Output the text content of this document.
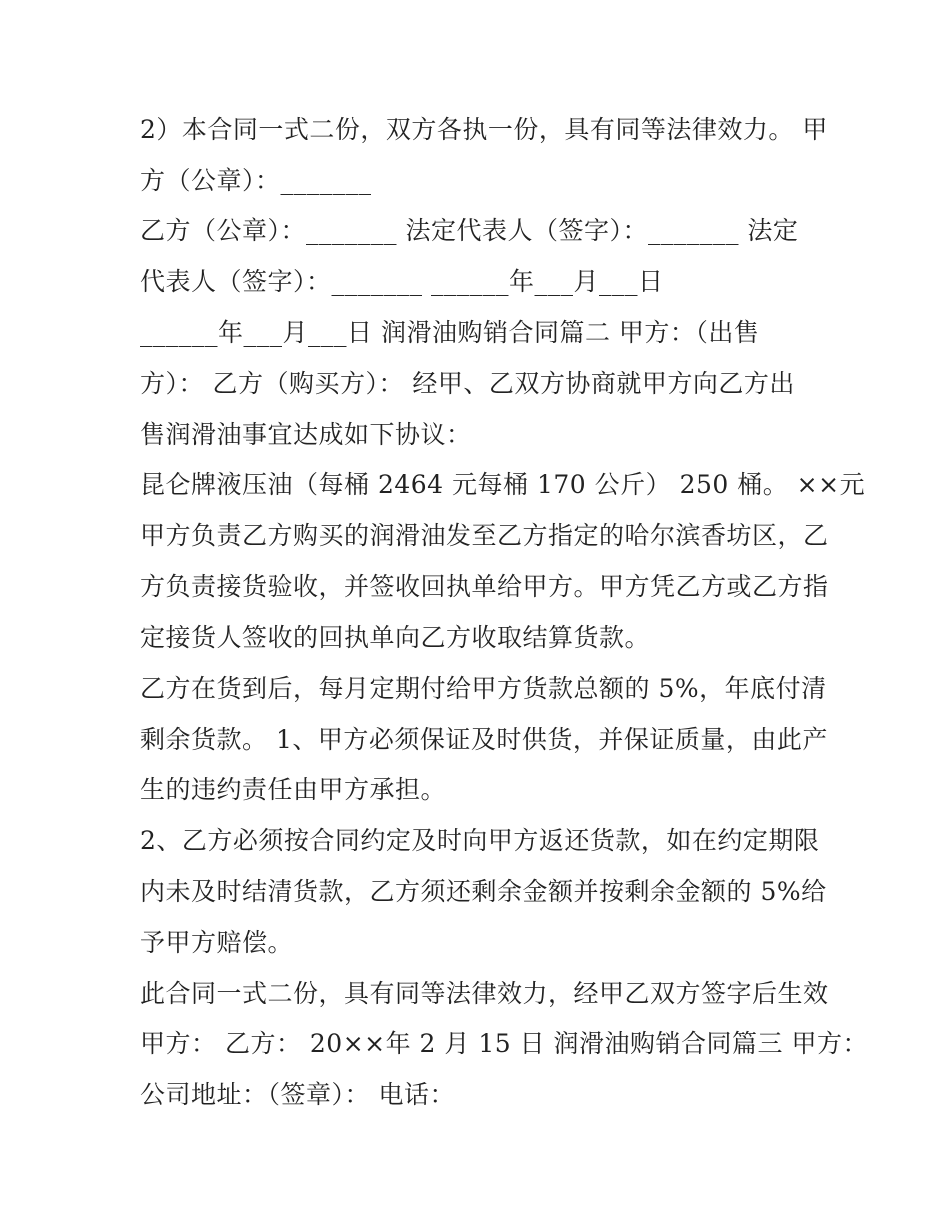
2）本合同一式二份，双方各执一份，具有同等法律效力。 甲
方（公章）：_______
乙方（公章）：_______ 法定代表人（签字）：_______ 法定
代表人（签字）：_______ ______年___月___日
______年___月___日 润滑油购销合同篇二 甲方：（出售
方）： 乙方（购买方）： 经甲、乙双方协商就甲方向乙方出
售润滑油事宜达成如下协议：
昆仑牌液压油（每桶 2464 元每桶 170 公斤） 250 桶。 ××元
甲方负责乙方购买的润滑油发至乙方指定的哈尔滨香坊区，乙
方负责接货验收，并签收回执单给甲方。甲方凭乙方或乙方指
定接货人签收的回执单向乙方收取结算货款。
乙方在货到后，每月定期付给甲方货款总额的 5%，年底付清
剩余货款。 1、甲方必须保证及时供货，并保证质量，由此产
生的违约责任由甲方承担。
2、乙方必须按合同约定及时向甲方返还货款，如在约定期限
内未及时结清货款，乙方须还剩余金额并按剩余金额的 5%给
予甲方赔偿。
此合同一式二份，具有同等法律效力，经甲乙双方签字后生效
甲方： 乙方： 20××年 2 月 15 日 润滑油购销合同篇三 甲方：
公司地址：（签章）： 电话：
